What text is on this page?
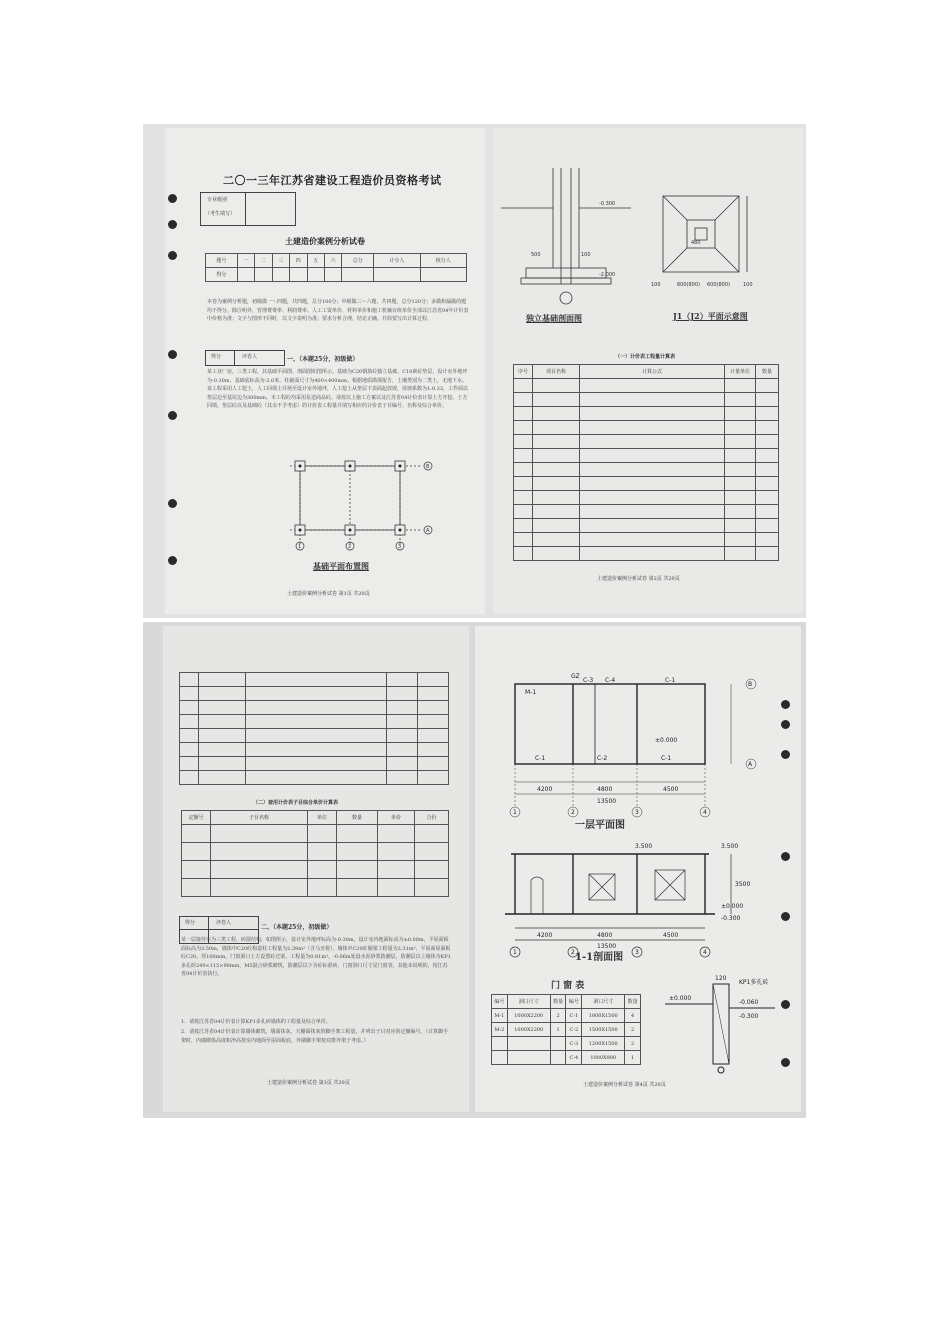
二〇一三年江苏省建设工程造价员资格考试
专业级别
（考生填写）
土建造价案例分析试卷
题号	一	二	三	四	五	六	总分	计分人	核分人
得分									
本卷为案例分析题，初级做一～四题，共四题，总分100分；中级做三～六题，共四题，总分120分；多做和漏做的题均不得分。除注明外，管理费费率、利润费率、人工工资单价、材料单价和施工机械台班单价全部以江苏省04年计价表中价格为准；文字与图形不同时，以文字说明为准；要求分析合理，结论正确，并简要写出计算过程。
得分	评卷人	一、（本题25分，初级做）
某工业厂房，三类工程，其基础平面图、剖面图如图所示。基础为C20钢筋砼独立基础，C10素砼垫层，设计室外地坪为-0.30m，基础底标高为-2.0米，柱截面尺寸为400×400mm。根据地质勘探报告，土壤类别为二类土，无地下水。该工程采用人工挖土，人工回填土并场至设计室外地坪，人工挖土从垫层下表面起放坡，放坡系数为1:0.33，工作面以垫层边至基坑边为300mm。本工程砼均采用泵送商品砼。请按以上施工方案以及江苏省04计价表计算土方开挖、土方回填、垫层砼以及基础砼（其余不予考虑）的计价表工程量并填写相应的计价表子目编号、名称及综合单价。
1	2	3
B
A
基础平面布置图
土建造价案例分析试卷 第1页 共20页
-0.300
-2.000
500	100
独立基础剖面图
600(800) 600(800)
100	100
480
J1（J2）平面示意图
（一）计价表工程量计算表
序号	项目名称	计算公式	计量单位	数量

土建造价案例分析试卷 第2页 共20页

（二）套用计价表子目综合单价计算表
定额号	子目名称	单位	数量	单价	合价

得分	评卷人
二、（本题25分，初级做）
某一层接待室为三类工程，砖混结构，如图所示，设计室外地坪标高为-0.30m，设计室内地面标高为±0.00m，平屋面板面标高为3.50m，墙体中C20砼构造柱工程量为2.39m³（含马牙槎），墙体中C20砼圈梁工程量为2.31m³，平屋面屋面板砼C20，厚100mm，门窗洞口上方设置砼过梁，工程量为0.81m³，-0.06m处设水泥砂浆防潮层，防潮层以上墙体为KP1多孔砖240×115×90mm，M5混合砂浆砌筑，防潮层以下为砼标准砖，门窗洞口尺寸见门窗表，其他未说明的，按江苏省04计价表执行。
1．请按江苏省04计价表计算KP1多孔砖墙体的工程量及综合单价。
2．请按江苏省04计价表计算墙体砌筑、墙面抹灰、天棚面抹灰的脚手架工程量，并列出子目对应的定额编号。（计算脚手架时，内墙砌体高度和净高按室内地面至屋面板底，外墙脚手架按双排外架子考虑。）
土建造价案例分析试卷 第3页 共20页
1	2	3	4
B
A
GZ
M-1
C-3 C-4	C-1
C-1	C-2	C-1
4200	4800	4500
13500
±0.000
一层平面图
3.500	3.500
±0.000
-0.300
3500
4200	4800	4500
13500
1	2	3	4
1-1剖面图
门 窗 表
编号	洞口尺寸	数量	编号	洞口尺寸	数量
M-1	1000X2200	2	C-1	1800X1500	4
M-2	1000X2200	1	C-2	1500X1500	2
			C-3	1200X1500	2
			C-4	1000X900	1
120
KP1多孔砖
±0.000
-0.060
-0.300
土建造价案例分析试卷 第4页 共20页
